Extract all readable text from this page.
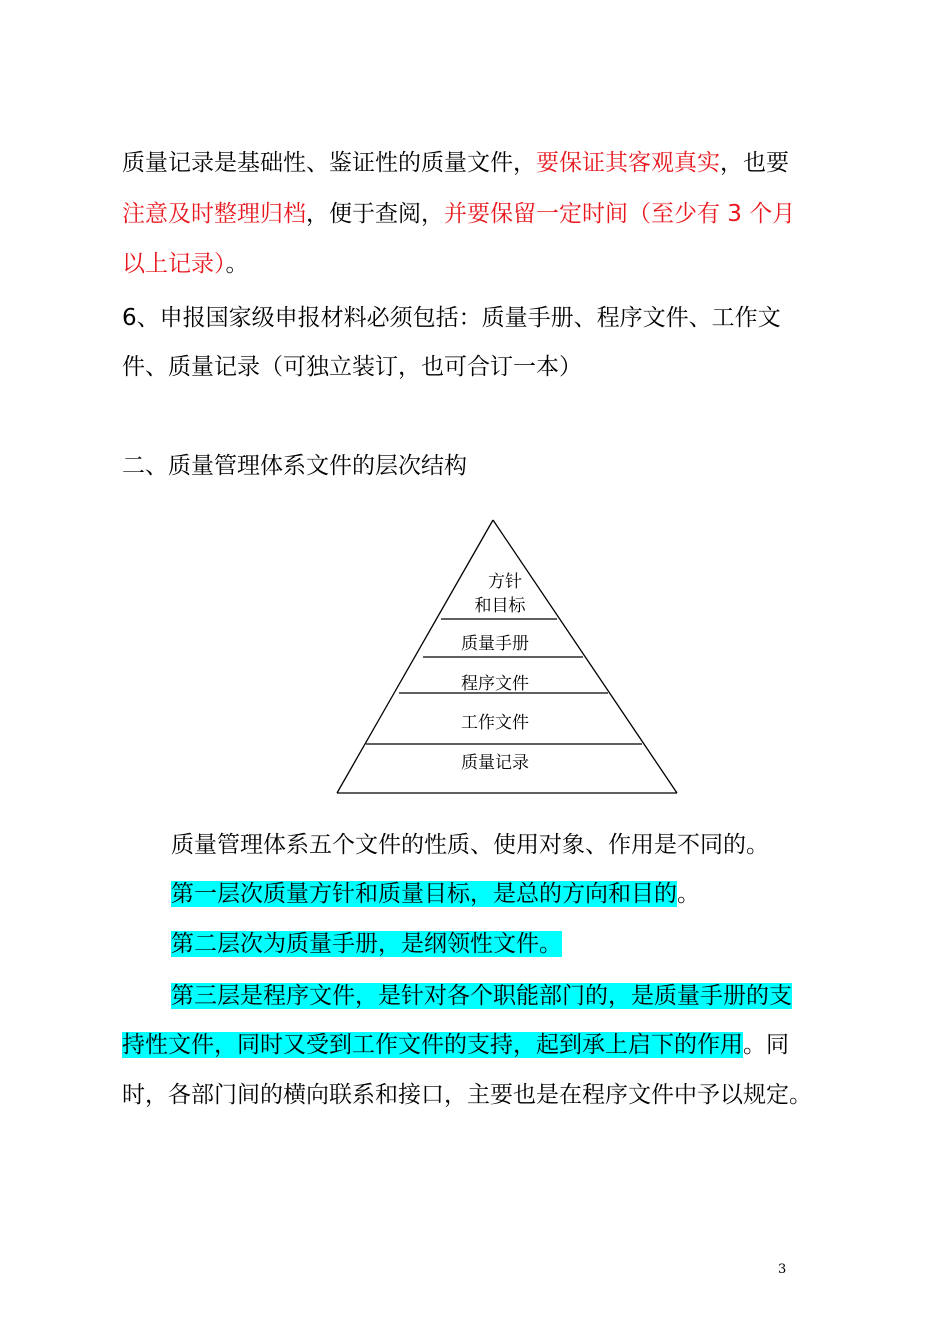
质量记录是基础性、鉴证性的质量文件，要保证其客观真实，也要
注意及时整理归档，便于查阅，并要保留一定时间（至少有 3 个月
以上记录）。
6、申报国家级申报材料必须包括：质量手册、程序文件、工作文
件、质量记录（可独立装订，也可合订一本）
二、质量管理体系文件的层次结构
方针
和目标
质量手册
程序文件
工作文件
质量记录
质量管理体系五个文件的性质、使用对象、作用是不同的。
第一层次质量方针和质量目标，是总的方向和目的。
第二层次为质量手册，是纲领性文件。
第三层是程序文件，是针对各个职能部门的，是质量手册的支
持性文件，同时又受到工作文件的支持，起到承上启下的作用。同
时，各部门间的横向联系和接口，主要也是在程序文件中予以规定。
3
